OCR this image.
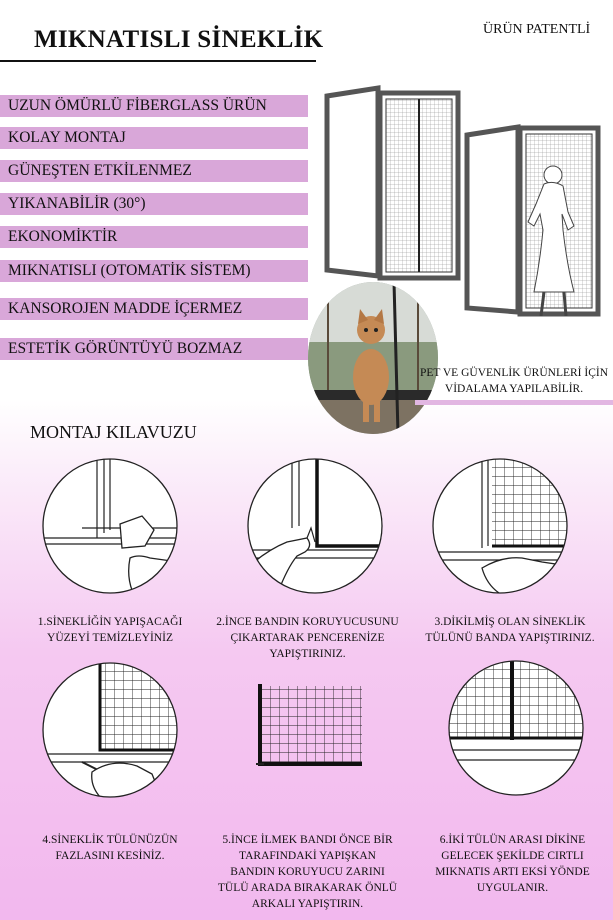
MIKNATISLI SİNEKLİK	ÜRÜN PATENTLİ
UZUN ÖMÜRLÜ FİBERGLASS ÜRÜN
KOLAY MONTAJ
GÜNEŞTEN ETKİLENMEZ
YIKANABİLİR (30°)
EKONOMİKTİR
MIKNATISLI (OTOMATİK SİSTEM)
KANSOROJEN MADDE İÇERMEZ
ESTETİK GÖRÜNTÜYÜ BOZMAZ
PET VE GÜVENLİK ÜRÜNLERİ İÇİN
VİDALAMA YAPILABİLİR.
MONTAJ KILAVUZU
1.SİNEKLİĞİN YAPIŞACAĞI
YÜZEYİ TEMİZLEYİNİZ
2.İNCE BANDIN KORUYUCUSUNU
ÇIKARTARAK PENCERENİZE
YAPIŞTIRINIZ.
3.DİKİLMİŞ OLAN SİNEKLİK
TÜLÜNÜ BANDA YAPIŞTIRINIZ.
4.SİNEKLİK TÜLÜNÜZÜN
FAZLASINI KESİNİZ.
5.İNCE İLMEK BANDI ÖNCE BİR
TARAFINDAKİ YAPIŞKAN
BANDIN KORUYUCU ZARINI
TÜLÜ ARADA BIRAKARAK ÖNLÜ
ARKALI YAPIŞTIRIN.
6.İKİ TÜLÜN ARASI DİKİNE
GELECEK ŞEKİLDE CIRTLI
MIKNATIS ARTI EKSİ YÖNDE
UYGULANIR.
